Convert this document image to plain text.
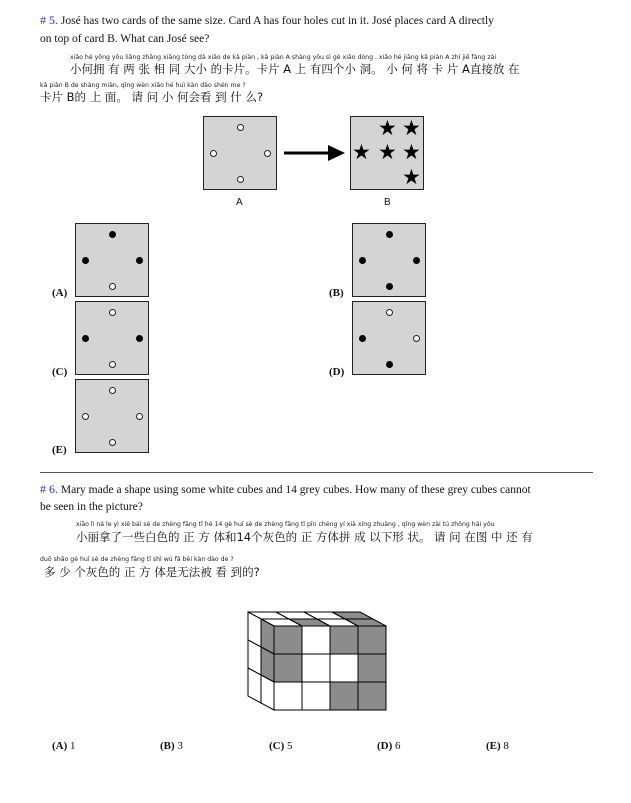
# 5. José has two cards of the same size. Card A has four holes cut in it. José places card A directly
on top of card B. What can José see?
xiǎo hé yōng yǒu liǎng zhāng xiāng tóng dà xiǎo de kǎ piàn , kǎ piàn A shàng yǒu sì gè xiǎo dòng , xiǎo hé jiāng kǎ piàn A zhí jiē fàng zài
小何拥 有 两 张 相 同 大小 的卡片。卡片 A 上 有四个小 洞。 小 何 将 卡 片 A直接放 在
kǎ piàn B de shàng miàn, qǐng wèn xiǎo hé huì kàn dào shén me ?
卡片 B的 上 面。 请 问 小 何会看 到 什 么?
A
★ ★
★ ★ ★
★
B
(A)	(B)
(C)	(D)
(E)
# 6. Mary made a shape using some white cubes and 14 grey cubes. How many of these grey cubes cannot
be seen in the picture?
xiǎo lì ná le yì xiē bái sè de zhèng fāng tǐ hé 14 gè huī sè de zhèng fāng tǐ pīn chéng yí xià xíng zhuàng , qǐng wèn zài tú zhōng hái yǒu
小丽拿了一些白色的 正 方 体和14个灰色的 正 方体拼 成 以下形 状。 请 问 在图 中 还 有
duō shǎo gè huī sè de zhèng fāng tǐ shì wú fǎ bèi kàn dào de ?
多 少 个灰色的 正 方 体是无法被 看 到的?
(A) 1	(B) 3	(C) 5	(D) 6	(E) 8
